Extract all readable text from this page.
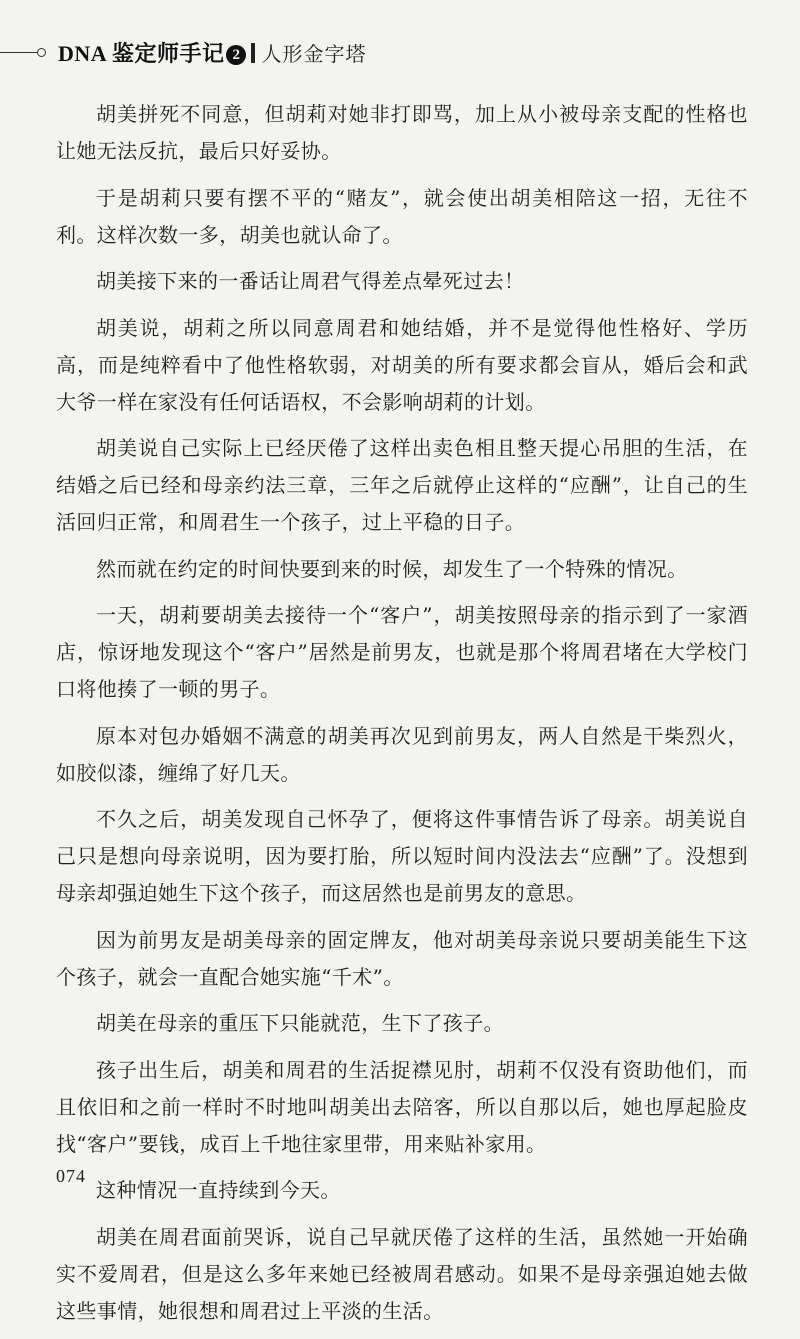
DNA 鉴定师手记 2 人形金字塔

胡美拼死不同意，但胡莉对她非打即骂，加上从小被母亲支配的性格也让她无法反抗，最后只好妥协。

于是胡莉只要有摆不平的“赌友”，就会使出胡美相陪这一招，无往不利。这样次数一多，胡美也就认命了。

胡美接下来的一番话让周君气得差点晕死过去！

胡美说，胡莉之所以同意周君和她结婚，并不是觉得他性格好、学历高，而是纯粹看中了他性格软弱，对胡美的所有要求都会盲从，婚后会和武大爷一样在家没有任何话语权，不会影响胡莉的计划。

胡美说自己实际上已经厌倦了这样出卖色相且整天提心吊胆的生活，在结婚之后已经和母亲约法三章，三年之后就停止这样的“应酬”，让自己的生活回归正常，和周君生一个孩子，过上平稳的日子。

然而就在约定的时间快要到来的时候，却发生了一个特殊的情况。

一天，胡莉要胡美去接待一个“客户”，胡美按照母亲的指示到了一家酒店，惊讶地发现这个“客户”居然是前男友，也就是那个将周君堵在大学校门口将他揍了一顿的男子。

原本对包办婚姻不满意的胡美再次见到前男友，两人自然是干柴烈火，如胶似漆，缠绵了好几天。

不久之后，胡美发现自己怀孕了，便将这件事情告诉了母亲。胡美说自己只是想向母亲说明，因为要打胎，所以短时间内没法去“应酬”了。没想到母亲却强迫她生下这个孩子，而这居然也是前男友的意思。

因为前男友是胡美母亲的固定牌友，他对胡美母亲说只要胡美能生下这个孩子，就会一直配合她实施“千术”。

胡美在母亲的重压下只能就范，生下了孩子。

孩子出生后，胡美和周君的生活捉襟见肘，胡莉不仅没有资助他们，而且依旧和之前一样时不时地叫胡美出去陪客，所以自那以后，她也厚起脸皮找“客户”要钱，成百上千地往家里带，用来贴补家用。

这种情况一直持续到今天。

胡美在周君面前哭诉，说自己早就厌倦了这样的生活，虽然她一开始确实不爱周君，但是这么多年来她已经被周君感动。如果不是母亲强迫她去做这些事情，她很想和周君过上平淡的生活。

074
